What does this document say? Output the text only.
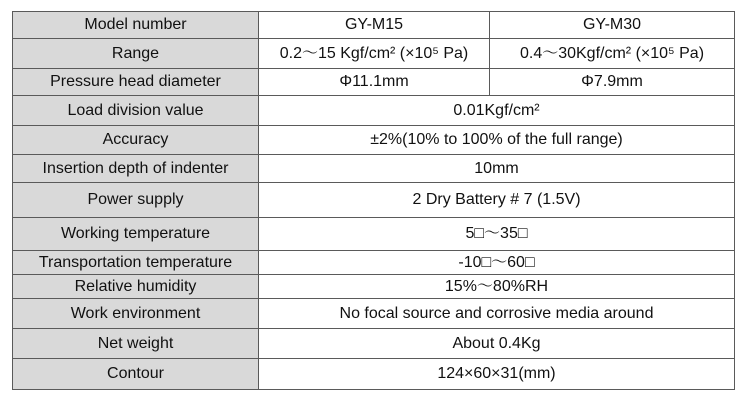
Model number	GY-M15	GY-M30
Range	0.2～15 Kgf/cm² (×10⁵ Pa)	0.4～30Kgf/cm² (×10⁵ Pa)
Pressure head diameter	Φ11.1mm	Φ7.9mm
Load division value	0.01Kgf/cm²	
Accuracy	±2%(10% to 100% of the full range)	
Insertion depth of indenter	10mm	
Power supply	2 Dry Battery # 7 (1.5V)	
Working temperature	5□～35□	
Transportation temperature	-10□～60□	
Relative humidity	15%～80%RH	
Work environment	No focal source and corrosive media around	
Net weight	About 0.4Kg	
Contour	124×60×31(mm)	
